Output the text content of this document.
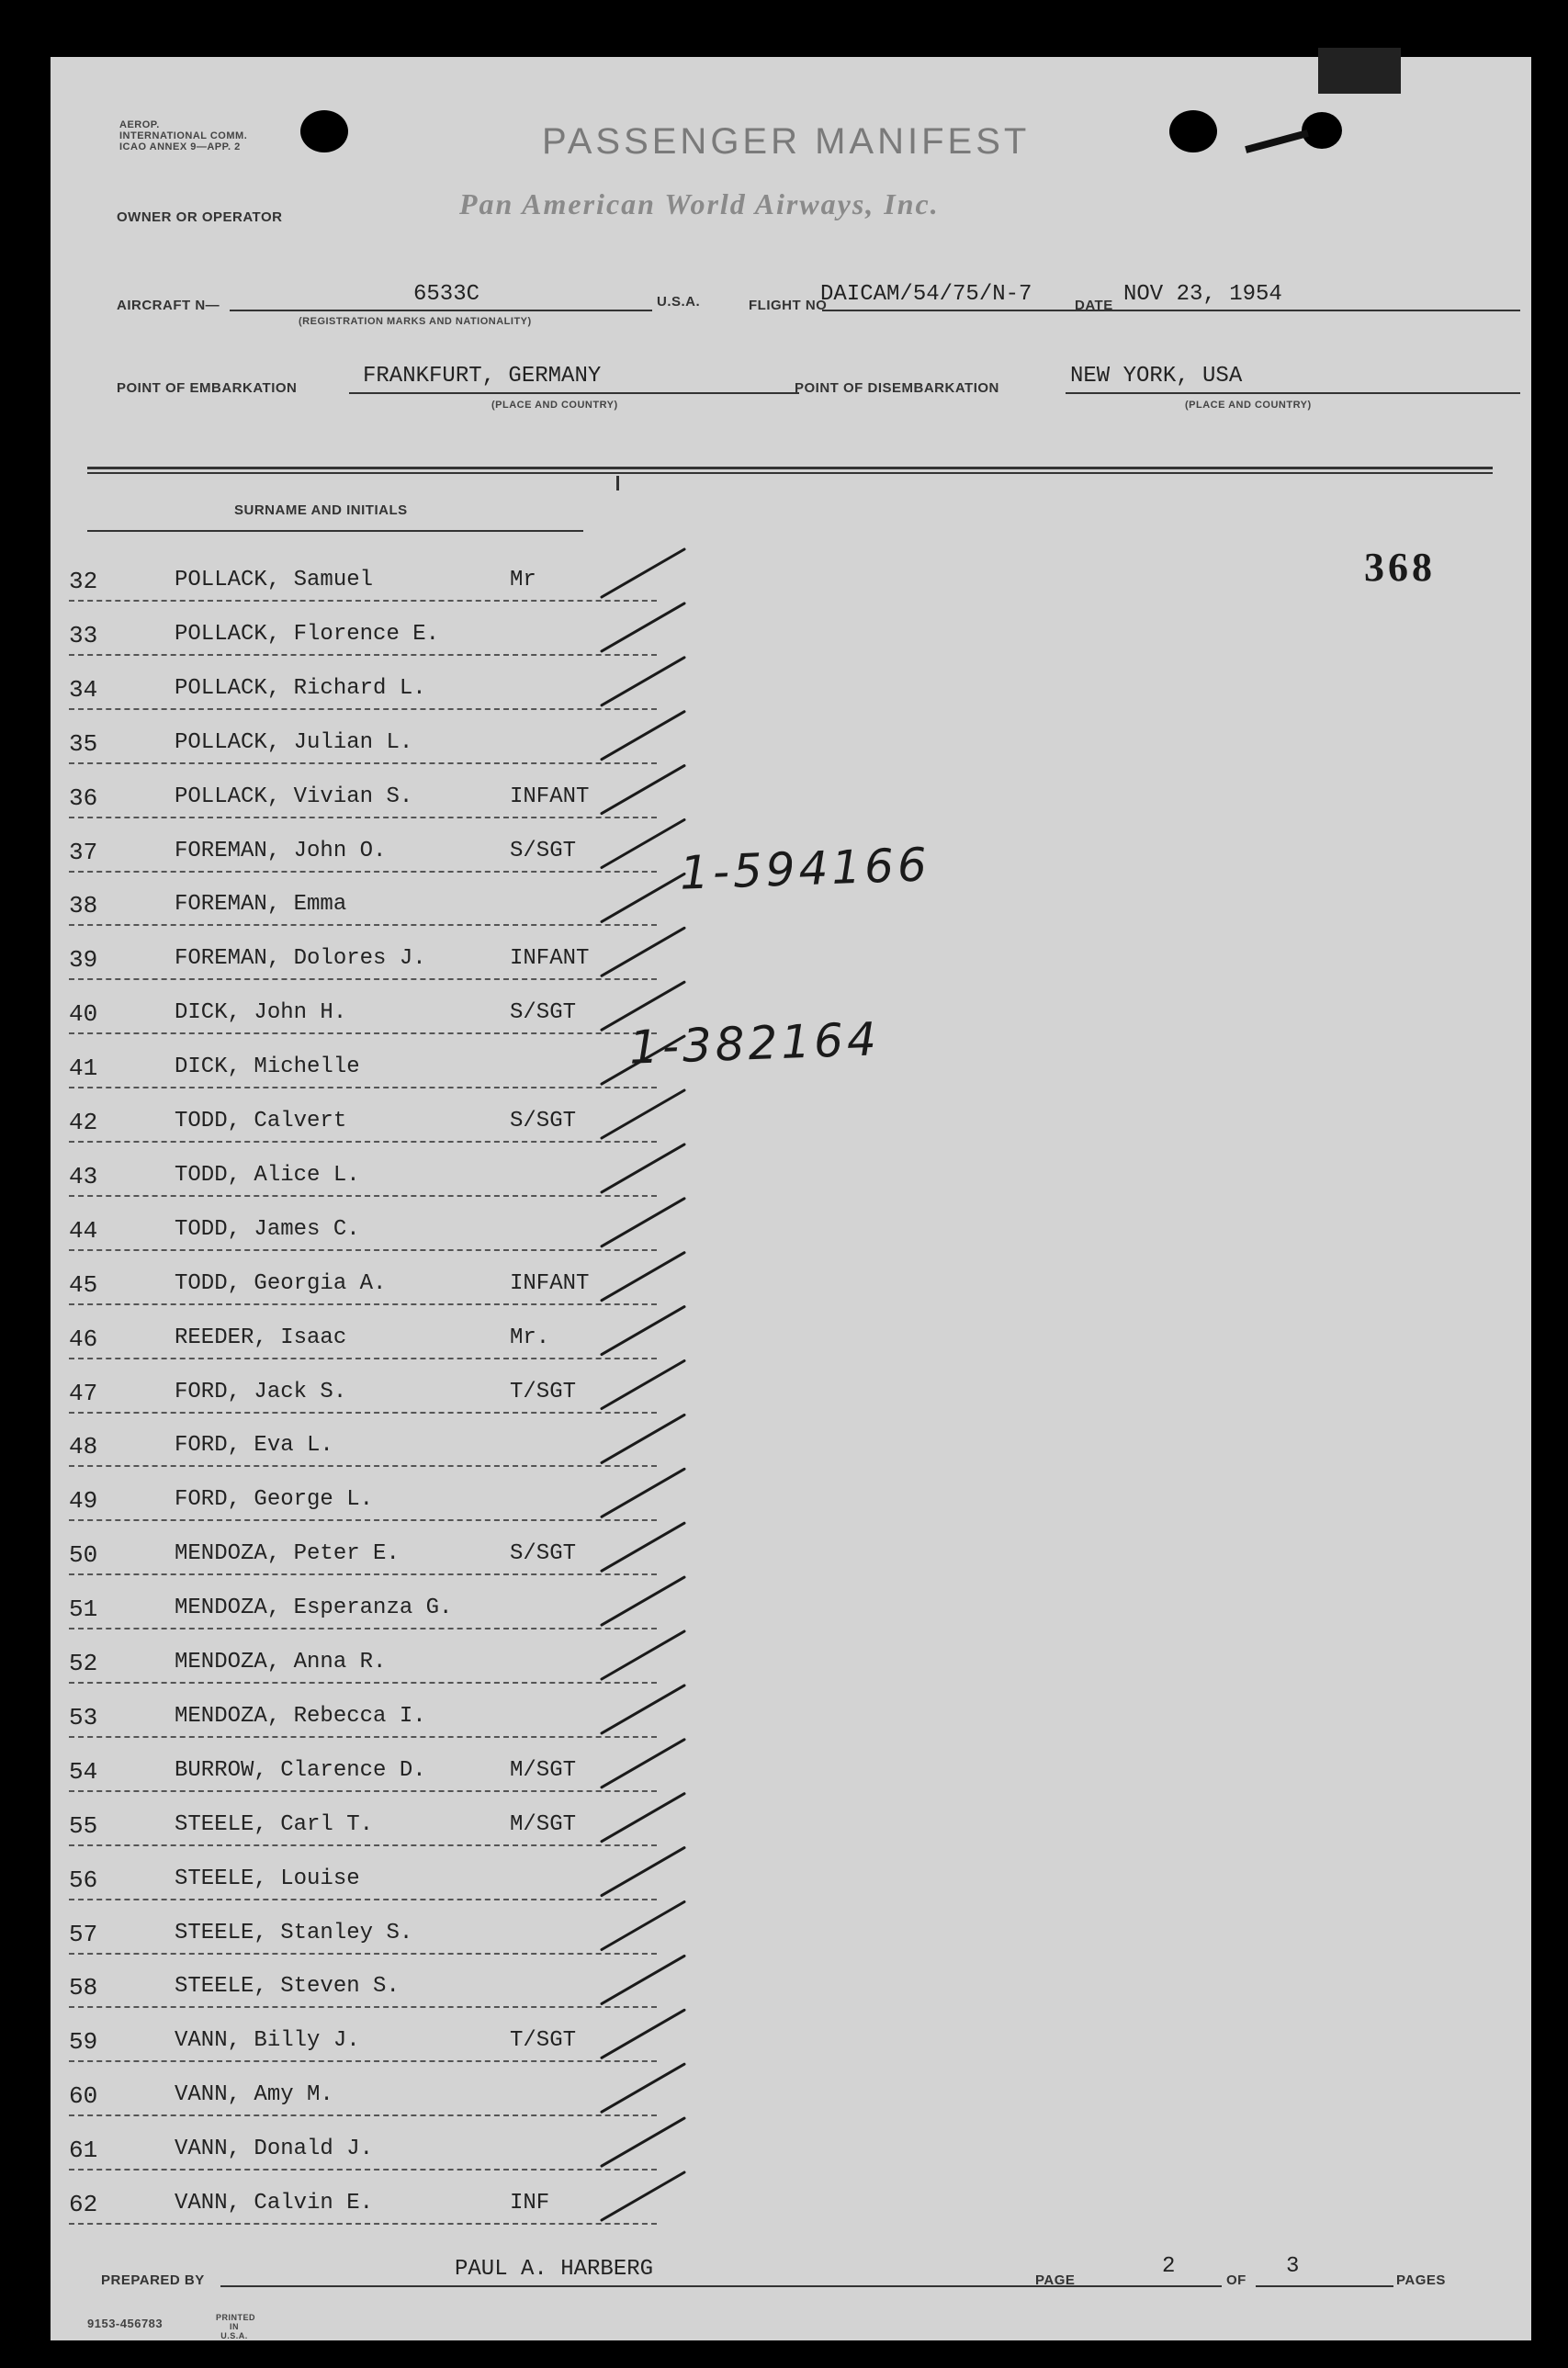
AEROP.
INTERNATIONAL COMM.
ICAO ANNEX 9—APP. 2	PASSENGER MANIFEST
OWNER OR OPERATOR	Pan American World Airways, Inc.
AIRCRAFT N—	6533C
(REGISTRATION MARKS AND NATIONALITY)
U.S.A.	FLIGHT NO
DAICAM/54/75/N-7	DATE NOV 23, 1954
POINT OF EMBARKATION	FRANKFURT, GERMANY
(PLACE AND COUNTRY)
POINT OF DISEMBARKATION	NEW YORK, USA
(PLACE AND COUNTRY)
SURNAME AND INITIALS
368
32	POLLACK, Samuel	Mr
33	POLLACK, Florence E.
34	POLLACK, Richard L.
35	POLLACK, Julian L.
36	POLLACK, Vivian S.	INFANT
37	FOREMAN, John O.	S/SGT
38	FOREMAN, Emma
39	FOREMAN, Dolores J.	INFANT
40	DICK, John H.	S/SGT
41	DICK, Michelle
42	TODD, Calvert	S/SGT
43	TODD, Alice L.
44	TODD, James C.
45	TODD, Georgia A.	INFANT
46	REEDER, Isaac	Mr.
47	FORD, Jack S.	T/SGT
48	FORD, Eva L.
49	FORD, George L.
50	MENDOZA, Peter E.	S/SGT
51	MENDOZA, Esperanza G.
52	MENDOZA, Anna R.
53	MENDOZA, Rebecca I.
54	BURROW, Clarence D.	M/SGT
55	STEELE, Carl T.	M/SGT
56	STEELE, Louise
57	STEELE, Stanley S.
58	STEELE, Steven S.
59	VANN, Billy J.	T/SGT
60	VANN, Amy M.
61	VANN, Donald J.
62	VANN, Calvin E.	INF
1-594166
1-382164
PREPARED BY	PAUL A. HARBERG	PAGE
2
OF
3
PAGES
9153-456783	PRINTED IN U.S.A.
